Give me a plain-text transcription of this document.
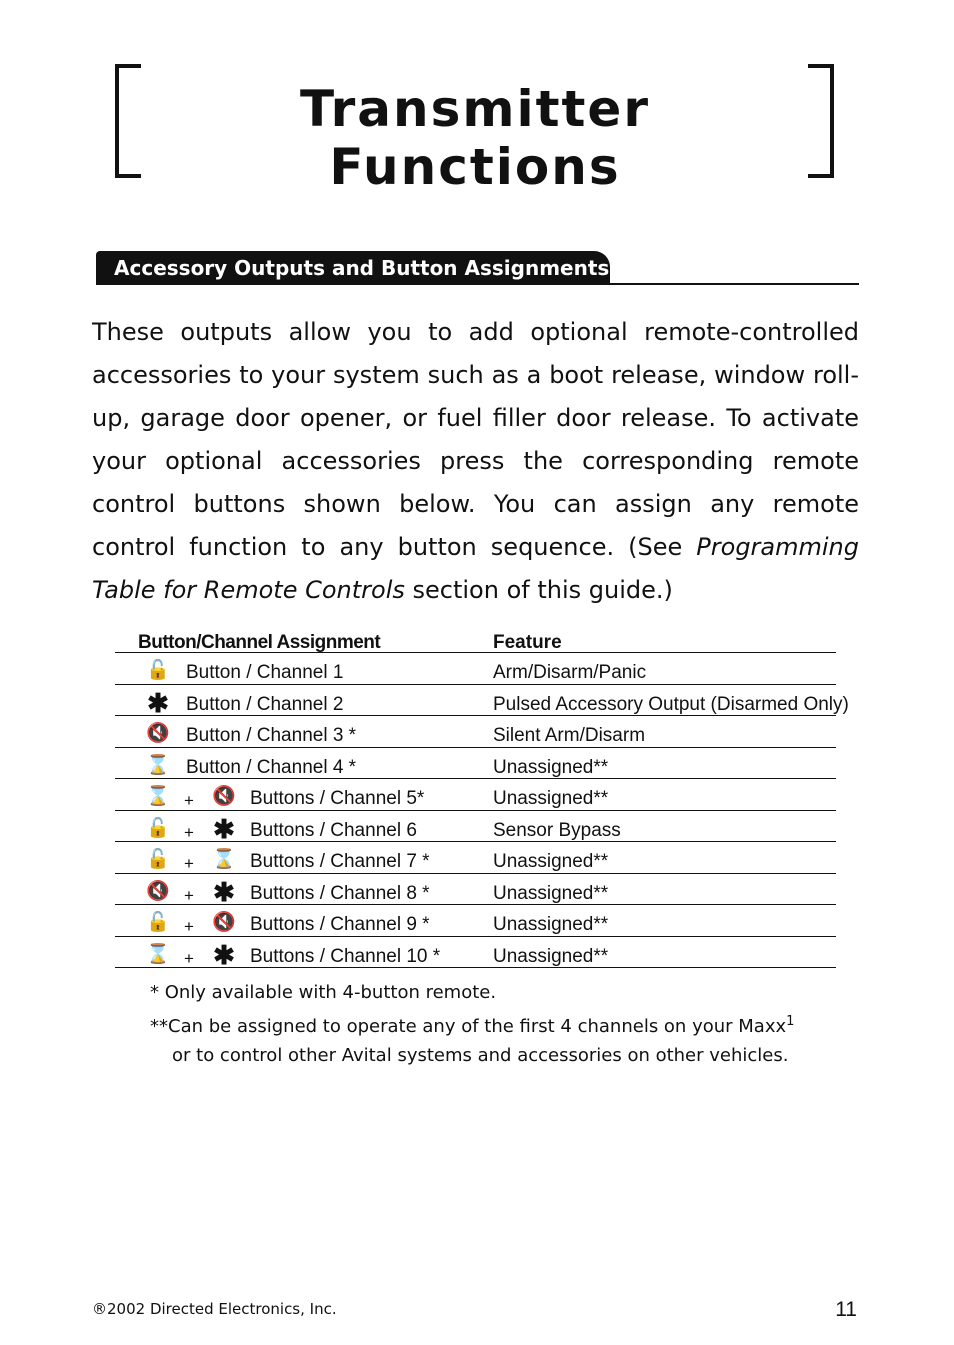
Transmitter Functions
Accessory Outputs and Button Assignments

These outputs allow you to add optional remote-controlled accessories to your system such as a boot release, window roll-up, garage door opener, or fuel filler door release. To activate your optional accessories press the corresponding remote control buttons shown below. You can assign any remote control function to any button sequence. (See Programming Table for Remote Controls section of this guide.)

Button/Channel Assignment	Feature
🔓 Button / Channel 1	Arm/Disarm/Panic
✱ Button / Channel 2	Pulsed Accessory Output (Disarmed Only)
🔇 Button / Channel 3 *	Silent Arm/Disarm
⌛ Button / Channel 4 *	Unassigned**
⌛ + 🔇 Buttons / Channel 5*	Unassigned**
🔓 + ✱ Buttons / Channel 6	Sensor Bypass
🔓 + ⌛ Buttons / Channel 7 *	Unassigned**
🔇 + ✱ Buttons / Channel 8 *	Unassigned**
🔓 + 🔇 Buttons / Channel 9 *	Unassigned**
⌛ + ✱ Buttons / Channel 10 *	Unassigned**
* Only available with 4-button remote.
**Can be assigned to operate any of the first 4 channels on your Maxx$^1$
or to control other Avital systems and accessories on other vehicles.
®2002 Directed Electronics, Inc.	11
